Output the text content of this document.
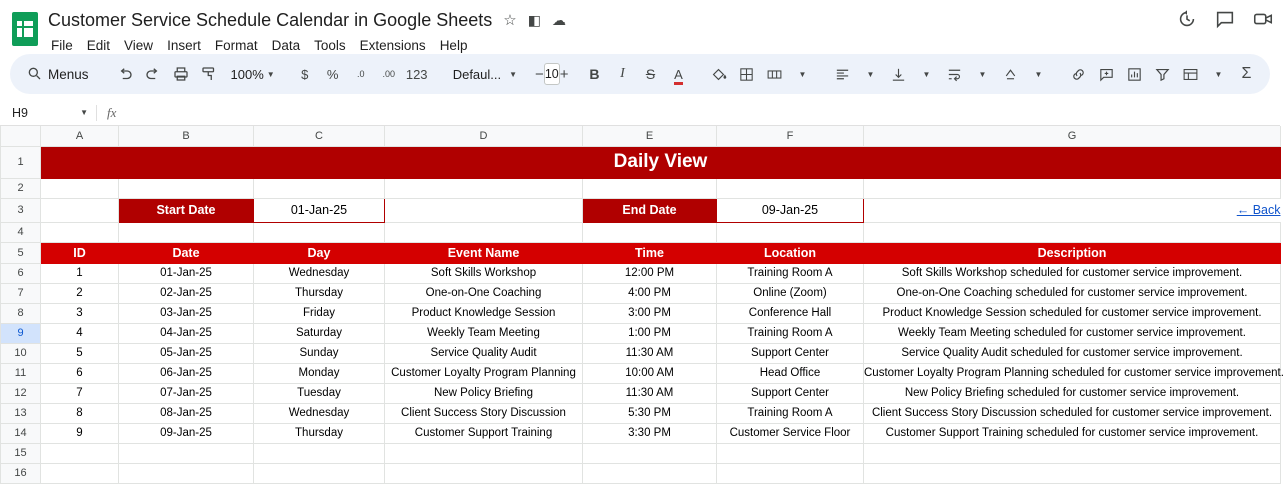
Customer Service Schedule Calendar in Google Sheets ☆ ◧ ☁
File	Edit	View	Insert	Format	Data	Tools	Extensions	Help
Menus	100% ▼	$	%	.0 .00 123 Defaul... ▼ − 10 +	B	I	S	A	▼	▼	▼	▼	▼	▼	Σ
H9	▼	fx
	A	B	C	D	E	F	G
1	Daily View						
2							
3		Start Date	01-Jan-25		End Date	09-Jan-25	← Back
4							
5	ID	Date	Day	Event Name	Time	Location	Description
6	1	01-Jan-25	Wednesday	Soft Skills Workshop	12:00 PM	Training Room A	Soft Skills Workshop scheduled for customer service improvement.
7	2	02-Jan-25	Thursday	One-on-One Coaching	4:00 PM	Online (Zoom)	One-on-One Coaching scheduled for customer service improvement.
8	3	03-Jan-25	Friday	Product Knowledge Session	3:00 PM	Conference Hall	Product Knowledge Session scheduled for customer service improvement.
9	4	04-Jan-25	Saturday	Weekly Team Meeting	1:00 PM	Training Room A	Weekly Team Meeting scheduled for customer service improvement.
10	5	05-Jan-25	Sunday	Service Quality Audit	11:30 AM	Support Center	Service Quality Audit scheduled for customer service improvement.
11	6	06-Jan-25	Monday	Customer Loyalty Program Planning	10:00 AM	Head Office	Customer Loyalty Program Planning scheduled for customer service improvement.
12	7	07-Jan-25	Tuesday	New Policy Briefing	11:30 AM	Support Center	New Policy Briefing scheduled for customer service improvement.
13	8	08-Jan-25	Wednesday	Client Success Story Discussion	5:30 PM	Training Room A	Client Success Story Discussion scheduled for customer service improvement.
14	9	09-Jan-25	Thursday	Customer Support Training	3:30 PM	Customer Service Floor	Customer Support Training scheduled for customer service improvement.
15							
16							
